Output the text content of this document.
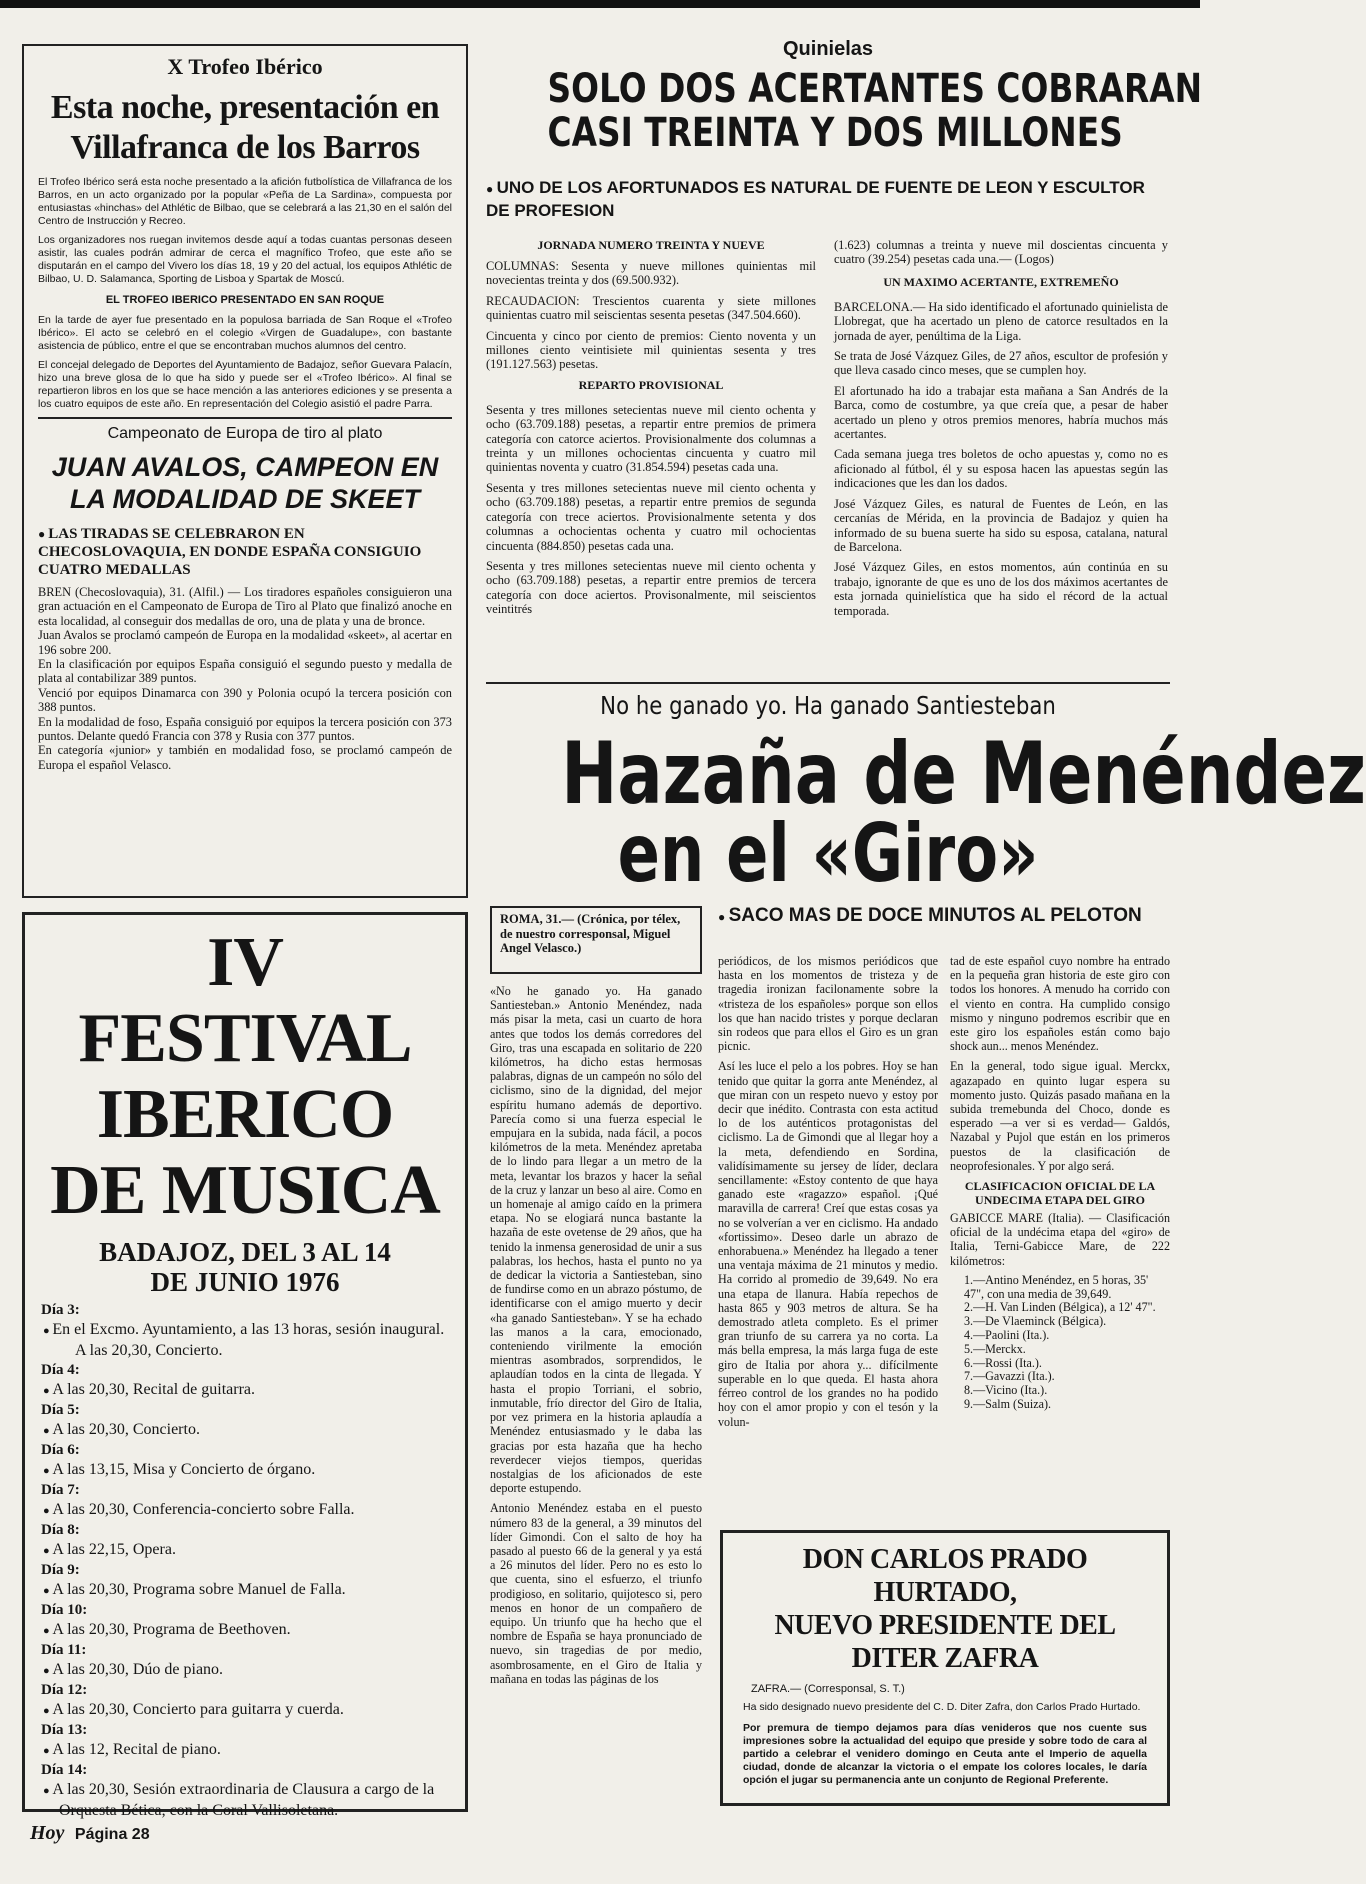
X Trofeo Ibérico
Esta noche, presentación en Villafranca de los Barros

El Trofeo Ibérico será esta noche presentado a la afición futbolística de Villafranca de los Barros, en un acto organizado por la popular «Peña de La Sardina», compuesta por entusiastas «hinchas» del Athlétic de Bilbao, que se celebrará a las 21,30 en el salón del Centro de Instrucción y Recreo.

Los organizadores nos ruegan invitemos desde aquí a todas cuantas personas deseen asistir, las cuales podrán admirar de cerca el magnífico Trofeo, que este año se disputarán en el campo del Vivero los días 18, 19 y 20 del actual, los equipos Athlétic de Bilbao, U. D. Salamanca, Sporting de Lisboa y Spartak de Moscú.

EL TROFEO IBERICO PRESENTADO EN SAN ROQUE

En la tarde de ayer fue presentado en la populosa barriada de San Roque el «Trofeo Ibérico». El acto se celebró en el colegio «Virgen de Guadalupe», con bastante asistencia de público, entre el que se encontraban muchos alumnos del centro.

El concejal delegado de Deportes del Ayuntamiento de Badajoz, señor Guevara Palacín, hizo una breve glosa de lo que ha sido y puede ser el «Trofeo Ibérico». Al final se repartieron libros en los que se hace mención a las anteriores ediciones y se presenta a los cuatro equipos de este año. En representación del Colegio asistió el padre Parra.

Campeonato de Europa de tiro al plato
JUAN AVALOS, CAMPEON EN LA MODALIDAD DE SKEET
● LAS TIRADAS SE CELEBRARON EN CHECOSLOVAQUIA, EN DONDE ESPAÑA CONSIGUIO CUATRO MEDALLAS

BREN (Checoslovaquia), 31. (Alfil.) — Los tiradores españoles consiguieron una gran actuación en el Campeonato de Europa de Tiro al Plato que finalizó anoche en esta localidad, al conseguir dos medallas de oro, una de plata y una de bronce.

Juan Avalos se proclamó campeón de Europa en la modalidad «skeet», al acertar en 196 sobre 200.

En la clasificación por equipos España consiguió el segundo puesto y medalla de plata al contabilizar 389 puntos.

Venció por equipos Dinamarca con 390 y Polonia ocupó la tercera posición con 388 puntos.

En la modalidad de foso, España consiguió por equipos la tercera posición con 373 puntos. Delante quedó Francia con 378 y Rusia con 377 puntos.

En categoría «junior» y también en modalidad foso, se proclamó campeón de Europa el español Velasco.

IV FESTIVAL
IBERICO
DE MUSICA
BADAJOZ, DEL 3 AL 14
DE JUNIO 1976
Día 3:
● En el Excmo. Ayuntamiento, a las 13 horas, sesión inaugural.
A las 20,30, Concierto.
Día 4:
● A las 20,30, Recital de guitarra.
Día 5:
● A las 20,30, Concierto.
Día 6:
● A las 13,15, Misa y Concierto de órgano.
Día 7:
● A las 20,30, Conferencia-concierto sobre Falla.
Día 8:
● A las 22,15, Opera.
Día 9:
● A las 20,30, Programa sobre Manuel de Falla.
Día 10:
● A las 20,30, Programa de Beethoven.
Día 11:
● A las 20,30, Dúo de piano.
Día 12:
● A las 20,30, Concierto para guitarra y cuerda.
Día 13:
● A las 12, Recital de piano.
Día 14:
● A las 20,30, Sesión extraordinaria de Clausura a cargo de la Orquesta Bética, con la Coral Vallisoletana.
Hoy Página 28
Quinielas
SOLO DOS ACERTANTES COBRARAN
CASI TREINTA Y DOS MILLONES
● UNO DE LOS AFORTUNADOS ES NATURAL DE FUENTE DE LEON Y ESCULTOR DE PROFESION
JORNADA NUMERO TREINTA Y NUEVE

COLUMNAS: Sesenta y nueve millones quinientas mil novecientas treinta y dos (69.500.932).

RECAUDACION: Trescientos cuarenta y siete millones quinientas cuatro mil seiscientas sesenta pesetas (347.504.660).

Cincuenta y cinco por ciento de premios: Ciento noventa y un millones ciento veintisiete mil quinientas sesenta y tres (191.127.563) pesetas.

REPARTO PROVISIONAL

Sesenta y tres millones setecientas nueve mil ciento ochenta y ocho (63.709.188) pesetas, a repartir entre premios de primera categoría con catorce aciertos. Provisionalmente dos columnas a treinta y un millones ochocientas cincuenta y cuatro mil quinientas noventa y cuatro (31.854.594) pesetas cada una.

Sesenta y tres millones setecientas nueve mil ciento ochenta y ocho (63.709.188) pesetas, a repartir entre premios de segunda categoría con trece aciertos. Provisionalmente setenta y dos columnas a ochocientas ochenta y cuatro mil ochocientas cincuenta (884.850) pesetas cada una.

Sesenta y tres millones setecientas nueve mil ciento ochenta y ocho (63.709.188) pesetas, a repartir entre premios de tercera categoría con doce aciertos. Provisonalmente, mil seiscientos veintitrés

(1.623) columnas a treinta y nueve mil doscientas cincuenta y cuatro (39.254) pesetas cada una.— (Logos)

UN MAXIMO ACERTANTE, EXTREMEÑO

BARCELONA.— Ha sido identificado el afortunado quinielista de Llobregat, que ha acertado un pleno de catorce resultados en la jornada de ayer, penúltima de la Liga.

Se trata de José Vázquez Giles, de 27 años, escultor de profesión y que lleva casado cinco meses, que se cumplen hoy.

El afortunado ha ido a trabajar esta mañana a San Andrés de la Barca, como de costumbre, ya que creía que, a pesar de haber acertado un pleno y otros premios menores, habría muchos más acertantes.

Cada semana juega tres boletos de ocho apuestas y, como no es aficionado al fútbol, él y su esposa hacen las apuestas según las indicaciones que les dan los dados.

José Vázquez Giles, es natural de Fuentes de León, en las cercanías de Mérida, en la provincia de Badajoz y quien ha informado de su buena suerte ha sido su esposa, catalana, natural de Barcelona.

José Vázquez Giles, en estos momentos, aún continúa en su trabajo, ignorante de que es uno de los dos máximos acertantes de esta jornada quinielística que ha sido el récord de la actual temporada.

No he ganado yo. Ha ganado Santiesteban
Hazaña de Menéndez
en el «Giro»
ROMA, 31.— (Crónica, por télex, de nuestro corresponsal, Miguel Angel Velasco.)
● SACO MAS DE DOCE MINUTOS AL PELOTON

«No he ganado yo. Ha ganado Santiesteban.» Antonio Menéndez, nada más pisar la meta, casi un cuarto de hora antes que todos los demás corredores del Giro, tras una escapada en solitario de 220 kilómetros, ha dicho estas hermosas palabras, dignas de un campeón no sólo del ciclismo, sino de la dignidad, del mejor espíritu humano además de deportivo. Parecía como si una fuerza especial le empujara en la subida, nada fácil, a pocos kilómetros de la meta. Menéndez apretaba de lo lindo para llegar a un metro de la meta, levantar los brazos y hacer la señal de la cruz y lanzar un beso al aire. Como en un homenaje al amigo caído en la primera etapa. No se elogiará nunca bastante la hazaña de este ovetense de 29 años, que ha tenido la inmensa generosidad de unir a sus palabras, los hechos, hasta el punto no ya de dedicar la victoria a Santiesteban, sino de fundirse como en un abrazo póstumo, de identificarse con el amigo muerto y decir «ha ganado Santiesteban». Y se ha echado las manos a la cara, emocionado, conteniendo virilmente la emoción mientras asombrados, sorprendidos, le aplaudían todos en la cinta de llegada. Y hasta el propio Torriani, el sobrio, inmutable, frío director del Giro de Italia, por vez primera en la historia aplaudía a Menéndez entusiasmado y le daba las gracias por esta hazaña que ha hecho reverdecer viejos tiempos, queridas nostalgias de los aficionados de este deporte estupendo.

Antonio Menéndez estaba en el puesto número 83 de la general, a 39 minutos del líder Gimondi. Con el salto de hoy ha pasado al puesto 66 de la general y ya está a 26 minutos del líder. Pero no es esto lo que cuenta, sino el esfuerzo, el triunfo prodigioso, en solitario, quijotesco si, pero menos en honor de un compañero de equipo. Un triunfo que ha hecho que el nombre de España se haya pronunciado de nuevo, sin tragedias de por medio, asombrosamente, en el Giro de Italia y mañana en todas las páginas de los

periódicos, de los mismos periódicos que hasta en los momentos de tristeza y de tragedia ironizan facilonamente sobre la «tristeza de los españoles» porque son ellos los que han nacido tristes y porque declaran sin rodeos que para ellos el Giro es un gran picnic.

Así les luce el pelo a los pobres. Hoy se han tenido que quitar la gorra ante Menéndez, al que miran con un respeto nuevo y estoy por decir que inédito. Contrasta con esta actitud lo de los auténticos protagonistas del ciclismo. La de Gimondi que al llegar hoy a la meta, defendiendo en Sordina, validísimamente su jersey de líder, declara sencillamente: «Estoy contento de que haya ganado este «ragazzo» español. ¡Qué maravilla de carrera! Creí que estas cosas ya no se volverían a ver en ciclismo. Ha andado «fortissimo». Deseo darle un abrazo de enhorabuena.» Menéndez ha llegado a tener una ventaja máxima de 21 minutos y medio. Ha corrido al promedio de 39,649. No era una etapa de llanura. Había repechos de hasta 865 y 903 metros de altura. Se ha demostrado atleta completo. Es el primer gran triunfo de su carrera ya no corta. La más bella empresa, la más larga fuga de este giro de Italia por ahora y... difícilmente superable en lo que queda. El hasta ahora férreo control de los grandes no ha podido hoy con el amor propio y con el tesón y la volun-

tad de este español cuyo nombre ha entrado en la pequeña gran historia de este giro con todos los honores. A menudo ha corrido con el viento en contra. Ha cumplido consigo mismo y ninguno podremos escribir que en este giro los españoles están como bajo shock aun... menos Menéndez.

En la general, todo sigue igual. Merckx, agazapado en quinto lugar espera su momento justo. Quizás pasado mañana en la subida tremebunda del Choco, donde es esperado —a ver si es verdad— Galdós, Nazabal y Pujol que están en los primeros puestos de la clasificación de neoprofesionales. Y por algo será.

CLASIFICACION OFICIAL DE LA UNDECIMA ETAPA DEL GIRO

GABICCE MARE (Italia). — Clasificación oficial de la undécima etapa del «giro» de Italia, Terni-Gabicce Mare, de 222 kilómetros:

1.—Antino Menéndez, en 5 horas, 35' 47", con una media de 39,649.
2.—H. Van Linden (Bélgica), a 12' 47".
3.—De Vlaeminck (Bélgica).
4.—Paolini (Ita.).
5.—Merckx.
6.—Rossi (Ita.).
7.—Gavazzi (Ita.).
8.—Vicino (Ita.).
9.—Salm (Suiza).
DON CARLOS PRADO HURTADO,
NUEVO PRESIDENTE DEL
DITER ZAFRA
ZAFRA.— (Corresponsal, S. T.)

Ha sido designado nuevo presidente del C. D. Diter Zafra, don Carlos Prado Hurtado.

Por premura de tiempo dejamos para días venideros que nos cuente sus impresiones sobre la actualidad del equipo que preside y sobre todo de cara al partido a celebrar el venidero domingo en Ceuta ante el Imperio de aquella ciudad, donde de alcanzar la victoria o el empate los colores locales, le daría opción el jugar su permanencia ante un conjunto de Regional Preferente.
